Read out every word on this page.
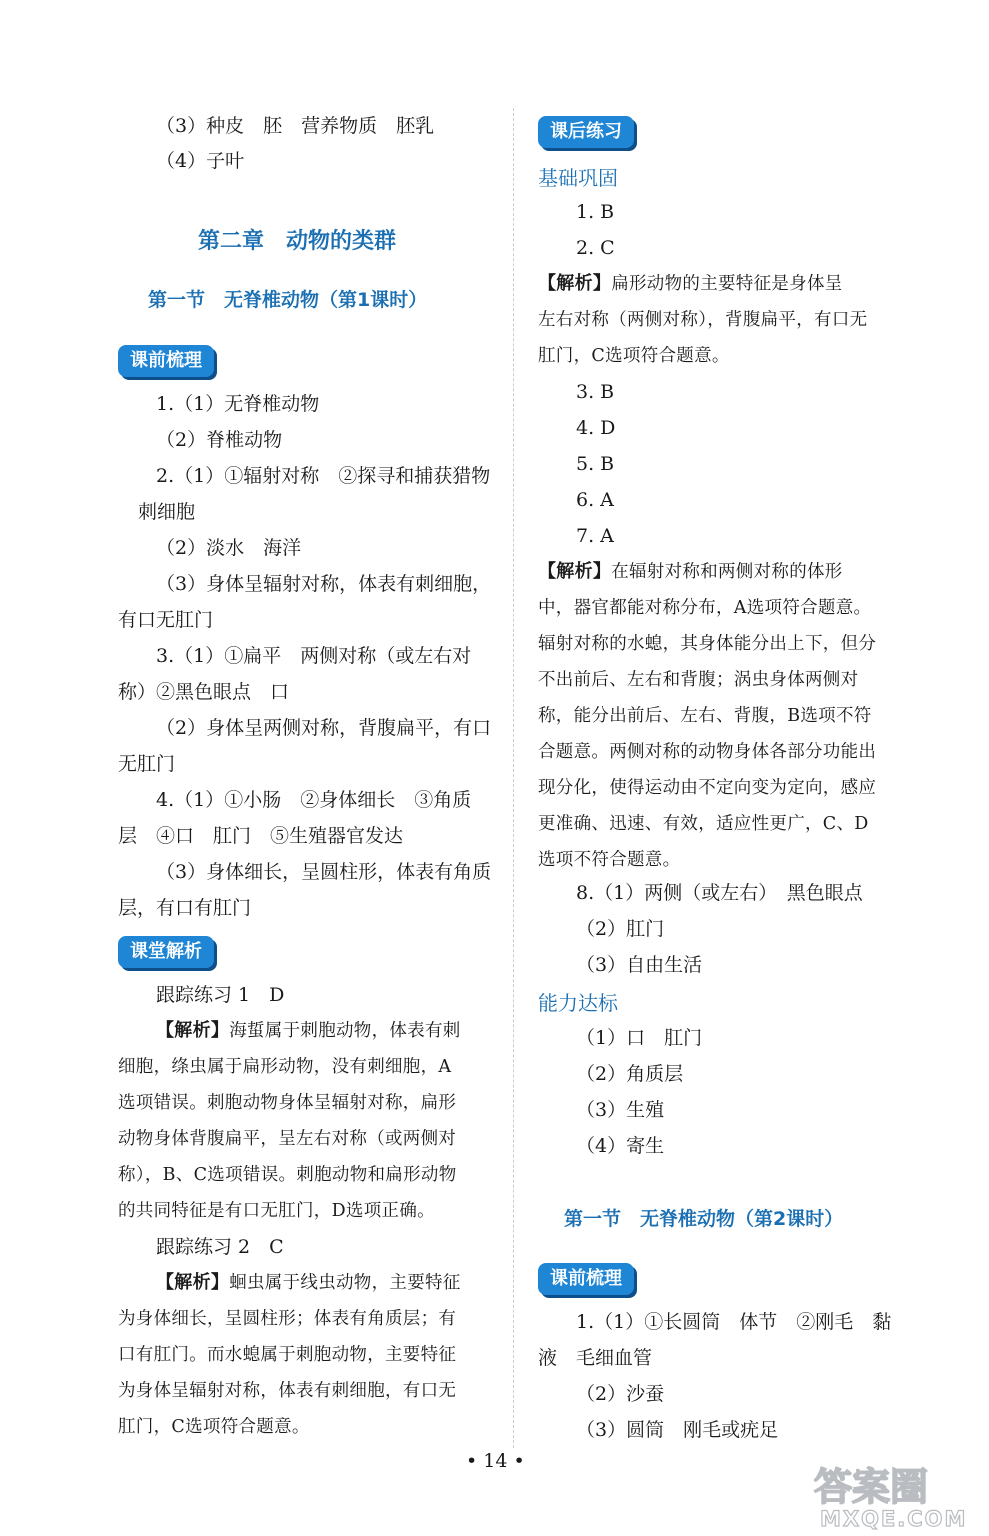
（3）种皮　胚　营养物质　胚乳
（4）子叶
第二章　动物的类群
第一节　无脊椎动物（第1课时）
课前梳理
1.（1）无脊椎动物
（2）脊椎动物
2.（1）①辐射对称　②探寻和捕获猎物
刺细胞
（2）淡水　海洋
（3）身体呈辐射对称，体表有刺细胞，
有口无肛门
3.（1）①扁平　两侧对称（或左右对
称）②黑色眼点　口
（2）身体呈两侧对称，背腹扁平，有口
无肛门
4.（1）①小肠　②身体细长　③角质
层　④口　肛门　⑤生殖器官发达
（3）身体细长，呈圆柱形，体表有角质
层，有口有肛门
课堂解析
跟踪练习 1　D
【解析】海蜇属于刺胞动物，体表有刺
细胞，绦虫属于扁形动物，没有刺细胞，A
选项错误。刺胞动物身体呈辐射对称，扁形
动物身体背腹扁平，呈左右对称（或两侧对
称），B、C选项错误。刺胞动物和扁形动物
的共同特征是有口无肛门，D选项正确。
跟踪练习 2　C
【解析】蛔虫属于线虫动物，主要特征
为身体细长，呈圆柱形；体表有角质层；有
口有肛门。而水螅属于刺胞动物，主要特征
为身体呈辐射对称，体表有刺细胞，有口无
肛门，C选项符合题意。
课后练习
基础巩固
1. B
2. C
【解析】扁形动物的主要特征是身体呈
左右对称（两侧对称），背腹扁平，有口无
肛门，C选项符合题意。
3. B
4. D
5. B
6. A
7. A
【解析】在辐射对称和两侧对称的体形
中，器官都能对称分布，A选项符合题意。
辐射对称的水螅，其身体能分出上下，但分
不出前后、左右和背腹；涡虫身体两侧对
称，能分出前后、左右、背腹，B选项不符
合题意。两侧对称的动物身体各部分功能出
现分化，使得运动由不定向变为定向，感应
更准确、迅速、有效，适应性更广，C、D
选项不符合题意。
8.（1）两侧（或左右）　黑色眼点
（2）肛门
（3）自由生活
能力达标
（1）口　肛门
（2）角质层
（3）生殖
（4）寄生
第一节　无脊椎动物（第2课时）
课前梳理
1.（1）①长圆筒　体节　②刚毛　黏
液　毛细血管
（2）沙蚕
（3）圆筒　刚毛或疣足
• 14 •
答案圈
MXQE.COM
